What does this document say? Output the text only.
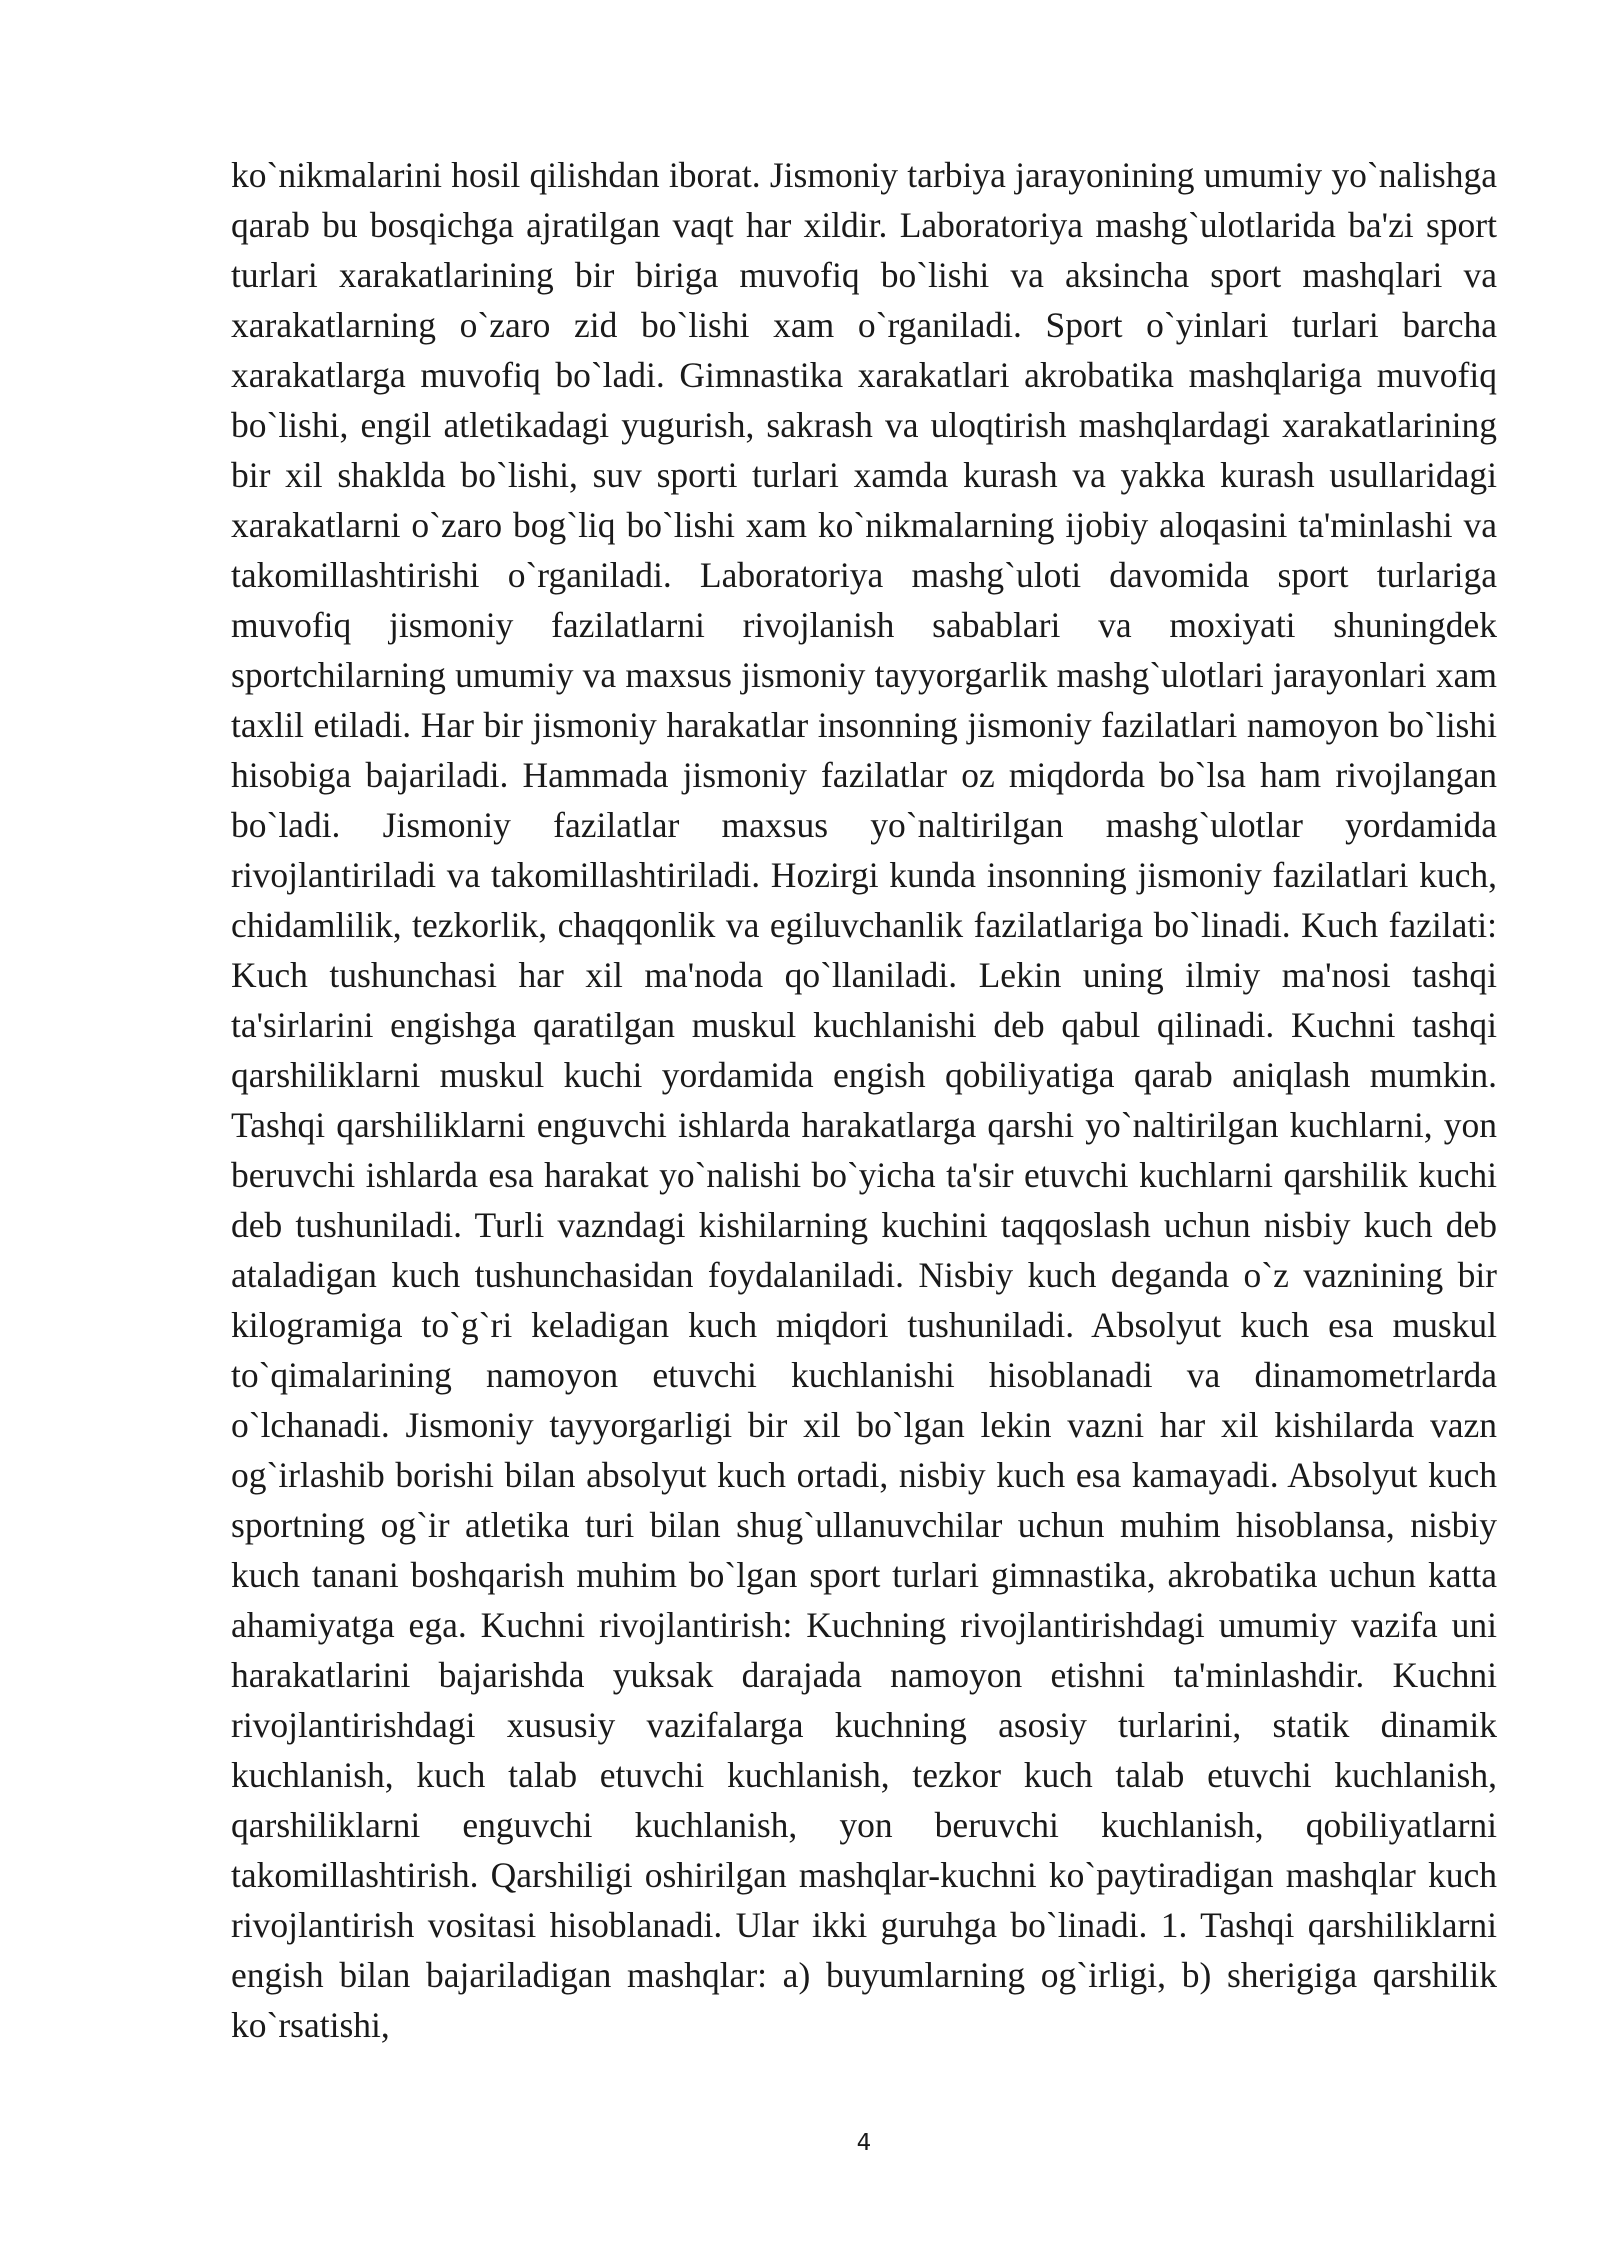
ko`nikmalarini hosil qilishdan iborat. Jismoniy tarbiya jarayonining umumiy yo`nalishga qarab bu bosqichga ajratilgan vaqt har xildir. Laboratoriya mashg`ulotlarida ba'zi sport turlari xarakatlarining bir biriga muvofiq bo`lishi va aksincha sport mashqlari va xarakatlarning o`zaro zid bo`lishi xam o`rganiladi. Sport o`yinlari turlari barcha xarakatlarga muvofiq bo`ladi. Gimnastika xarakatlari akrobatika mashqlariga muvofiq bo`lishi, engil atletikadagi yugurish, sakrash va uloqtirish mashqlardagi xarakatlarining bir xil shaklda bo`lishi, suv sporti turlari xamda kurash va yakka kurash usullaridagi xarakatlarni o`zaro bog`liq bo`lishi xam ko`nikmalarning ijobiy aloqasini ta'minlashi va takomillashtirishi o`rganiladi. Laboratoriya mashg`uloti davomida sport turlariga muvofiq jismoniy fazilatlarni rivojlanish sabablari va moxiyati shuningdek sportchilarning umumiy va maxsus jismoniy tayyorgarlik mashg`ulotlari jarayonlari xam taxlil etiladi. Har bir jismoniy harakatlar insonning jismoniy fazilatlari namoyon bo`lishi hisobiga bajariladi. Hammada jismoniy fazilatlar oz miqdorda bo`lsa ham rivojlangan bo`ladi. Jismoniy fazilatlar maxsus yo`naltirilgan mashg`ulotlar yordamida rivojlantiriladi va takomillashtiriladi. Hozirgi kunda insonning jismoniy fazilatlari kuch, chidamlilik, tezkorlik, chaqqonlik va egiluvchanlik fazilatlariga bo`linadi. Kuch fazilati: Kuch tushunchasi har xil ma'noda qo`llaniladi. Lekin uning ilmiy ma'nosi tashqi ta'sirlarini engishga qaratilgan muskul kuchlanishi deb qabul qilinadi. Kuchni tashqi qarshiliklarni muskul kuchi yordamida engish qobiliyatiga qarab aniqlash mumkin. Tashqi qarshiliklarni enguvchi ishlarda harakatlarga qarshi yo`naltirilgan kuchlarni, yon beruvchi ishlarda esa harakat yo`nalishi bo`yicha ta'sir etuvchi kuchlarni qarshilik kuchi deb tushuniladi. Turli vazndagi kishilarning kuchini taqqoslash uchun nisbiy kuch deb ataladigan kuch tushunchasidan foydalaniladi. Nisbiy kuch deganda o`z vaznining bir kilogramiga to`g`ri keladigan kuch miqdori tushuniladi. Absolyut kuch esa muskul to`qimalarining namoyon etuvchi kuchlanishi hisoblanadi va dinamometrlarda o`lchanadi. Jismoniy tayyorgarligi bir xil bo`lgan lekin vazni har xil kishilarda vazn og`irlashib borishi bilan absolyut kuch ortadi, nisbiy kuch esa kamayadi. Absolyut kuch sportning og`ir atletika turi bilan shug`ullanuvchilar uchun muhim hisoblansa, nisbiy kuch tanani boshqarish muhim bo`lgan sport turlari gimnastika, akrobatika uchun katta ahamiyatga ega. Kuchni rivojlantirish: Kuchning rivojlantirishdagi umumiy vazifa uni harakatlarini bajarishda yuksak darajada namoyon etishni ta'minlashdir. Kuchni rivojlantirishdagi xususiy vazifalarga kuchning asosiy turlarini, statik dinamik kuchlanish, kuch talab etuvchi kuchlanish, tezkor kuch talab etuvchi kuchlanish, qarshiliklarni enguvchi kuchlanish, yon beruvchi kuchlanish, qobiliyatlarni takomillashtirish. Qarshiligi oshirilgan mashqlar-kuchni ko`paytiradigan mashqlar kuch rivojlantirish vositasi hisoblanadi. Ular ikki guruhga bo`linadi. 1. Tashqi qarshiliklarni engish bilan bajariladigan mashqlar: a) buyumlarning og`irligi, b) sherigiga qarshilik ko`rsatishi,

4
